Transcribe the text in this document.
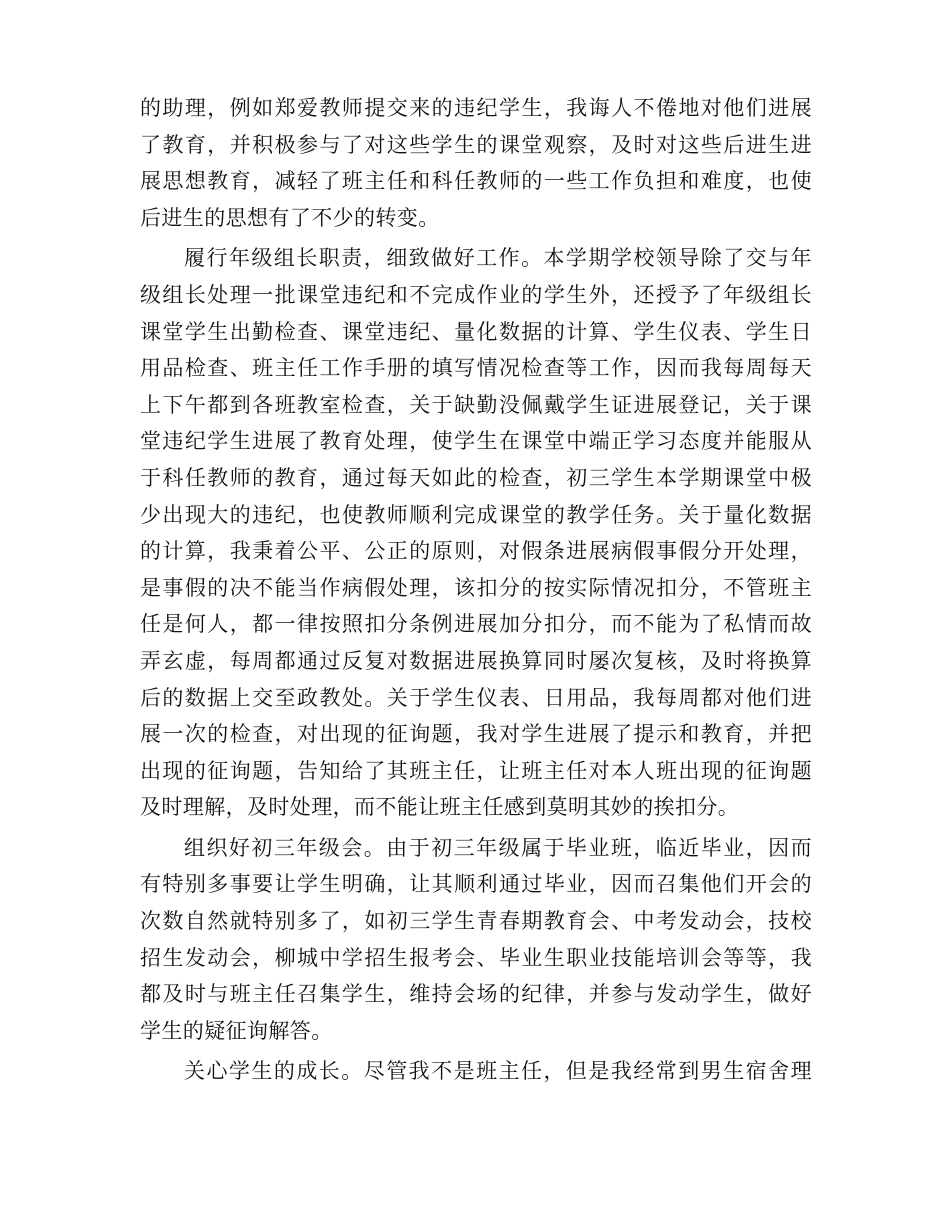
的助理，例如郑爱教师提交来的违纪学生，我诲人不倦地对他们进展
了教育，并积极参与了对这些学生的课堂观察，及时对这些后进生进
展思想教育，减轻了班主任和科任教师的一些工作负担和难度，也使
后进生的思想有了不少的转变。
履行年级组长职责，细致做好工作。本学期学校领导除了交与年
级组长处理一批课堂违纪和不完成作业的学生外，还授予了年级组长
课堂学生出勤检查、课堂违纪、量化数据的计算、学生仪表、学生日
用品检查、班主任工作手册的填写情况检查等工作，因而我每周每天
上下午都到各班教室检查，关于缺勤没佩戴学生证进展登记，关于课
堂违纪学生进展了教育处理，使学生在课堂中端正学习态度并能服从
于科任教师的教育，通过每天如此的检查，初三学生本学期课堂中极
少出现大的违纪，也使教师顺利完成课堂的教学任务。关于量化数据
的计算，我秉着公平、公正的原则，对假条进展病假事假分开处理，
是事假的决不能当作病假处理，该扣分的按实际情况扣分，不管班主
任是何人，都一律按照扣分条例进展加分扣分，而不能为了私情而故
弄玄虚，每周都通过反复对数据进展换算同时屡次复核，及时将换算
后的数据上交至政教处。关于学生仪表、日用品，我每周都对他们进
展一次的检查，对出现的征询题，我对学生进展了提示和教育，并把
出现的征询题，告知给了其班主任，让班主任对本人班出现的征询题
及时理解，及时处理，而不能让班主任感到莫明其妙的挨扣分。
组织好初三年级会。由于初三年级属于毕业班，临近毕业，因而
有特别多事要让学生明确，让其顺利通过毕业，因而召集他们开会的
次数自然就特别多了，如初三学生青春期教育会、中考发动会，技校
招生发动会，柳城中学招生报考会、毕业生职业技能培训会等等，我
都及时与班主任召集学生，维持会场的纪律，并参与发动学生，做好
学生的疑征询解答。
关心学生的成长。尽管我不是班主任，但是我经常到男生宿舍理
